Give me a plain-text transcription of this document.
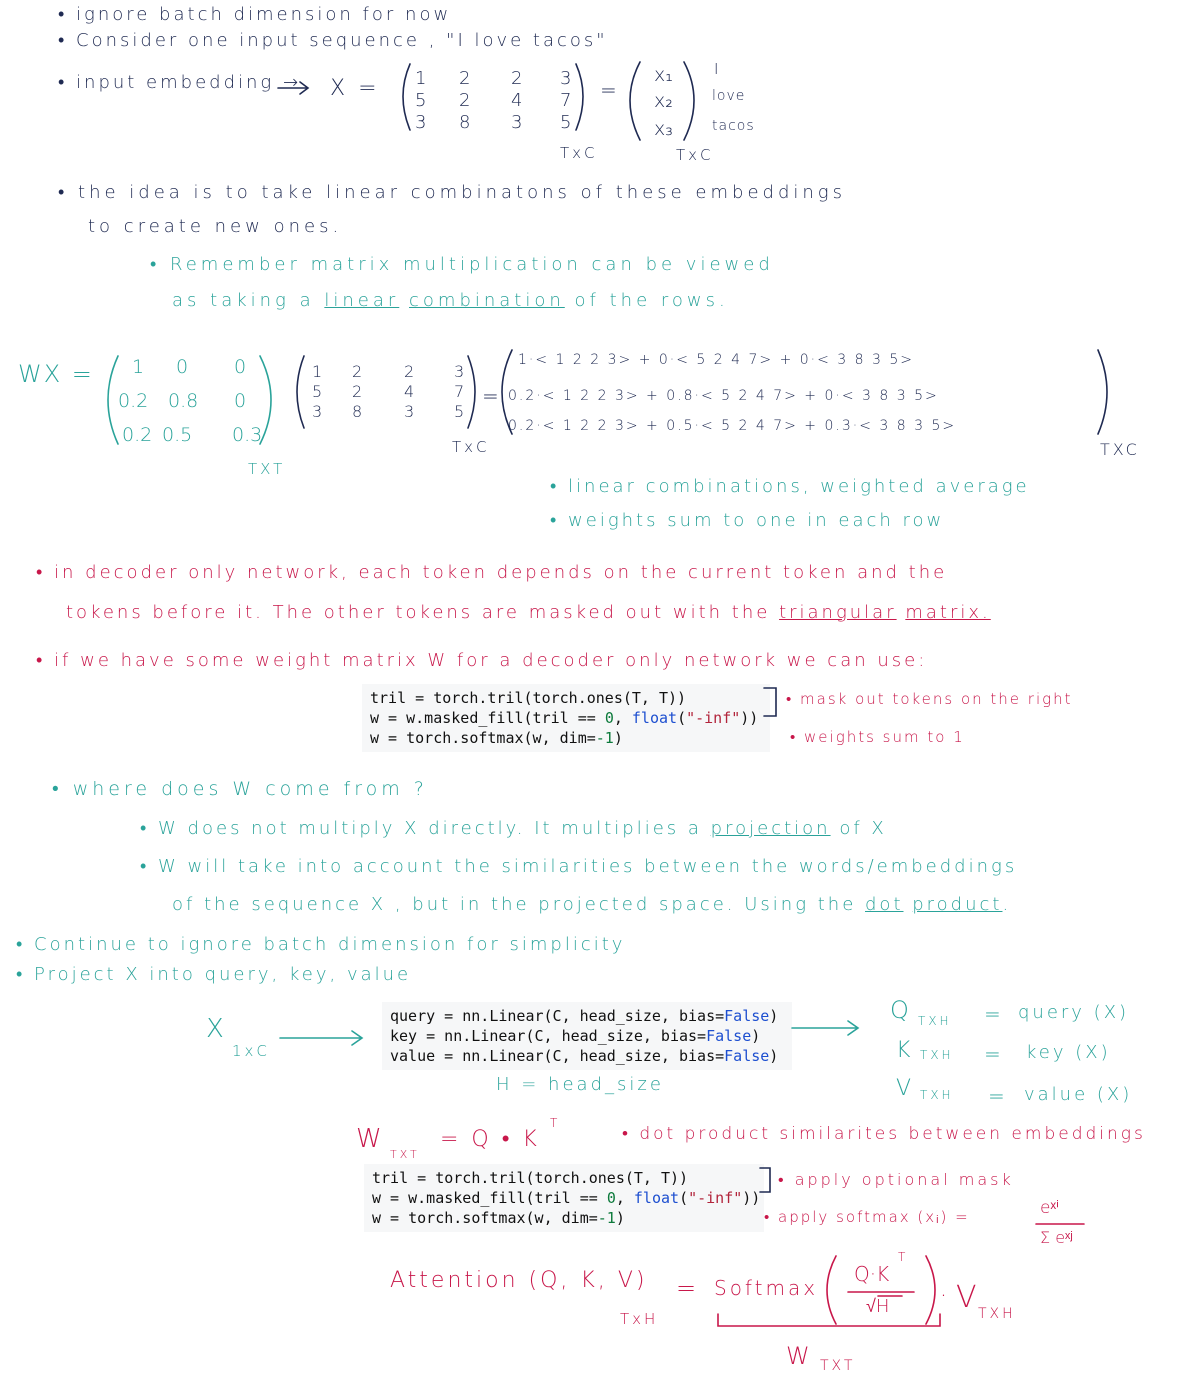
• ignore batch dimension for now
• Consider one input sequence , "I love tacos"
• input embedding → X = 1 2 2 3
5 2 4 7
3 8 3 5
TxC
=
x₁
x₂
x₃
I
love
tacos
TxC
• the idea is to take linear combinatons of these embeddings
to create new ones.
• Remember matrix multiplication can be viewed
as taking a linear combination of the rows.
WX = 1 0 0
0.2 0.8 0
0.2 0.5 0.3
TXT
1 2	2 3
5 2	4 7
3 8	3 5
TxC
=
1·< 1 2 2 3> + 0·< 5 2 4 7> + 0·< 3 8 3 5>
0.2·< 1 2 2 3> + 0.8·< 5 2 4 7> + 0·< 3 8 3 5>
0.2·< 1 2 2 3> + 0.5·< 5 2 4 7> + 0.3·< 3 8 3 5>
TXC
• linear combinations, weighted average
• weights sum to one in each row
• in decoder only network, each token depends on the current token and the
tokens before it. The other tokens are masked out with the triangular matrix.
• if we have some weight matrix W for a decoder only network we can use:
tril = torch.tril(torch.ones(T, T))
w = w.masked_fill(tril == 0, float("-inf"))
w = torch.softmax(w, dim=-1)
• mask out tokens on the right
• weights sum to 1
• where does W come from ?
• W does not multiply X directly. It multiplies a projection of X
• W will take into account the similarities between the words/embeddings
of the sequence X , but in the projected space. Using the dot product.
• Continue to ignore batch dimension for simplicity
• Project X into query, key, value
X
1xC
query = nn.Linear(C, head_size, bias=False)
key = nn.Linear(C, head_size, bias=False)
value = nn.Linear(C, head_size, bias=False)
H = head_size
Q TXH = query (X)
K TXH = key (X)
V TXH = value (X)
W
TXT
= Q • K
T
• dot product similarites between embeddings
tril = torch.tril(torch.ones(T, T))
w = w.masked_fill(tril == 0, float("-inf"))
w = torch.softmax(w, dim=-1)
• apply optional mask
• apply softmax (xᵢ) =	eˣⁱ
Σ eˣʲ
Attention (Q, K, V)
TxH
= Softmax
Q·K
T
√H · V
TXH
W TXT
